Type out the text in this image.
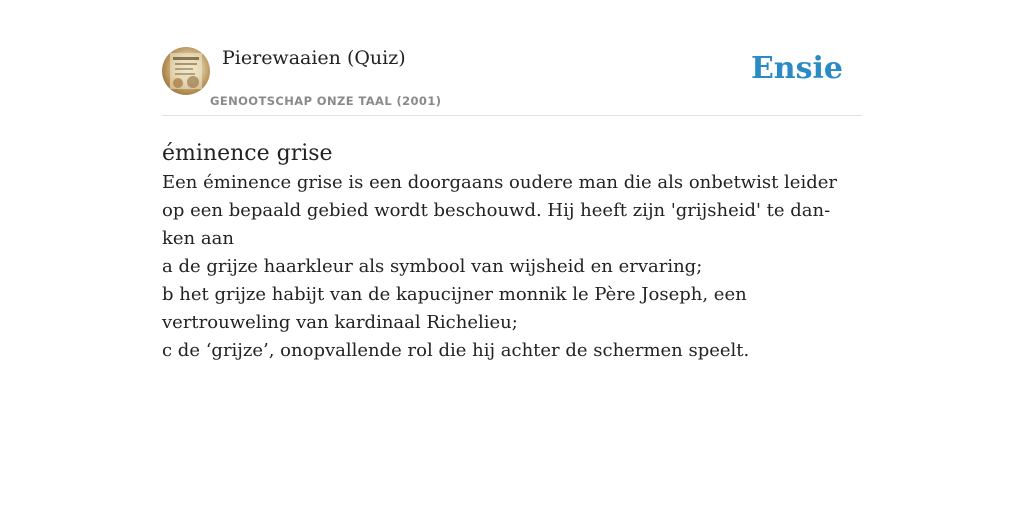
Pierewaaien (Quiz)
GENOOTSCHAP ONZE TAAL (2001)
Ensie
éminence grise

Een éminence grise is een doorgaans oudere man die als onbetwist leider

op een bepaald gebied wordt beschouwd. Hij heeft zijn 'grijsheid' te dan- ken aan

a de grijze haarkleur als symbool van wijsheid en ervaring;

b het grijze habijt van de kapucijner monnik le Père Joseph, een vertrouweling van kardinaal Richelieu;

c de ‘grijze’, onopvallende rol die hij achter de schermen speelt.
